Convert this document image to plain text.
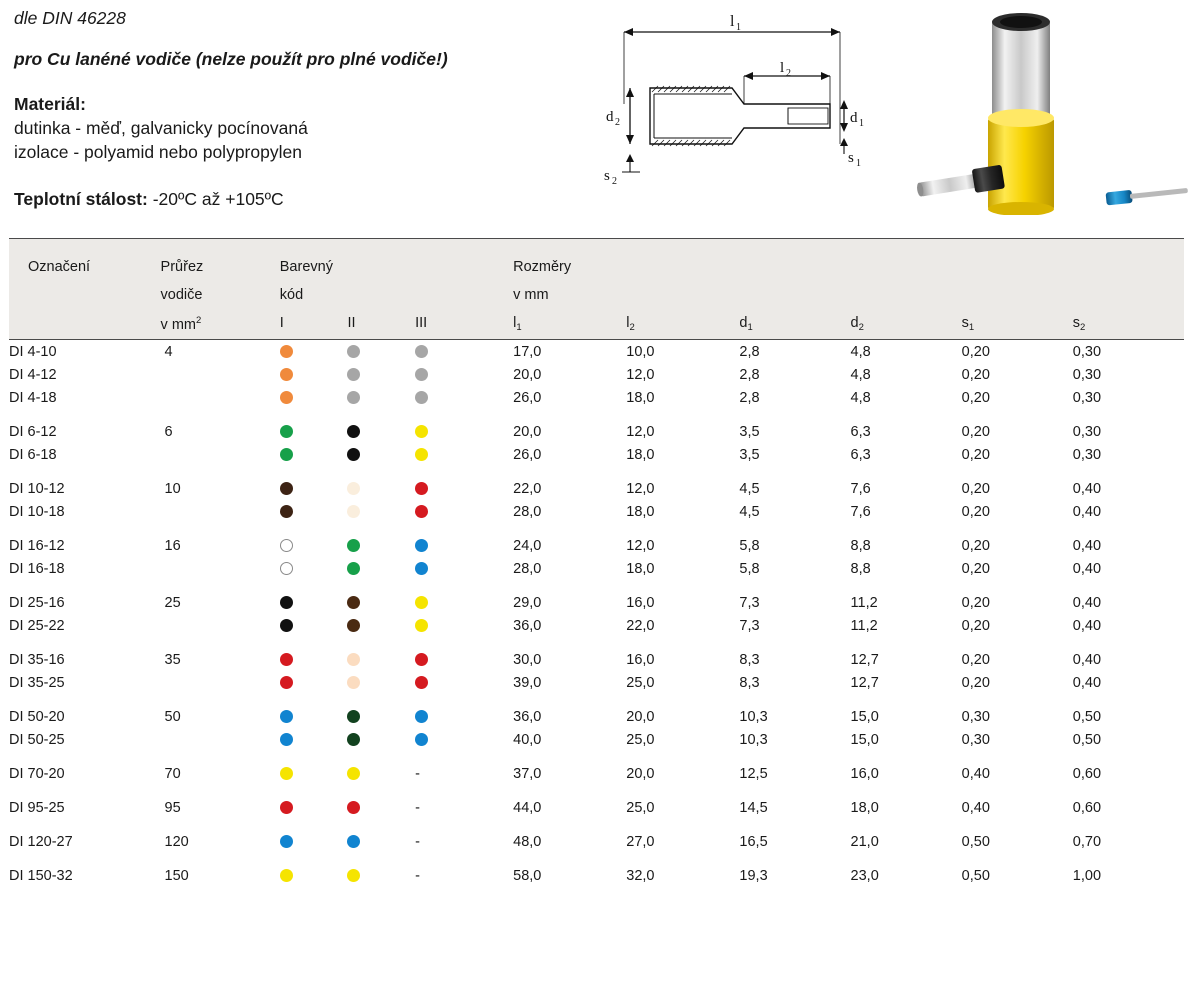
dle DIN 46228
pro Cu lanéné vodiče (nelze použít pro plné vodiče!)
Materiál:
dutinka - měď, galvanicky pocínovaná
izolace - polyamid nebo polypropylen
Teplotní stálost: -20ºC až +105ºC
l 1
l 2
d 2
s 2
d 1
s 1
Označení	Průřez
vodiče
v $mm^2$

Barevný
kód
I	II	III

Rozměry
v mm
$l_1$	$l_2$	$d_1$	$d_2$	$s_1$	$s_2$

DI 4-10	4				17,0	10,0	2,8	4,8	0,20	0,30
DI 4-12					20,0	12,0	2,8	4,8	0,20	0,30
DI 4-18					26,0	18,0	2,8	4,8	0,20	0,30

DI 6-12	6				20,0	12,0	3,5	6,3	0,20	0,30
DI 6-18					26,0	18,0	3,5	6,3	0,20	0,30

DI 10-12	10				22,0	12,0	4,5	7,6	0,20	0,40
DI 10-18					28,0	18,0	4,5	7,6	0,20	0,40

DI 16-12	16				24,0	12,0	5,8	8,8	0,20	0,40
DI 16-18					28,0	18,0	5,8	8,8	0,20	0,40

DI 25-16	25				29,0	16,0	7,3	11,2	0,20	0,40
DI 25-22					36,0	22,0	7,3	11,2	0,20	0,40

DI 35-16	35				30,0	16,0	8,3	12,7	0,20	0,40
DI 35-25					39,0	25,0	8,3	12,7	0,20	0,40

DI 50-20	50				36,0	20,0	10,3	15,0	0,30	0,50
DI 50-25					40,0	25,0	10,3	15,0	0,30	0,50

DI 70-20	70			-	37,0	20,0	12,5	16,0	0,40	0,60

DI 95-25	95			-	44,0	25,0	14,5	18,0	0,40	0,60

DI 120-27	120			-	48,0	27,0	16,5	21,0	0,50	0,70

DI 150-32	150			-	58,0	32,0	19,3	23,0	0,50	1,00
